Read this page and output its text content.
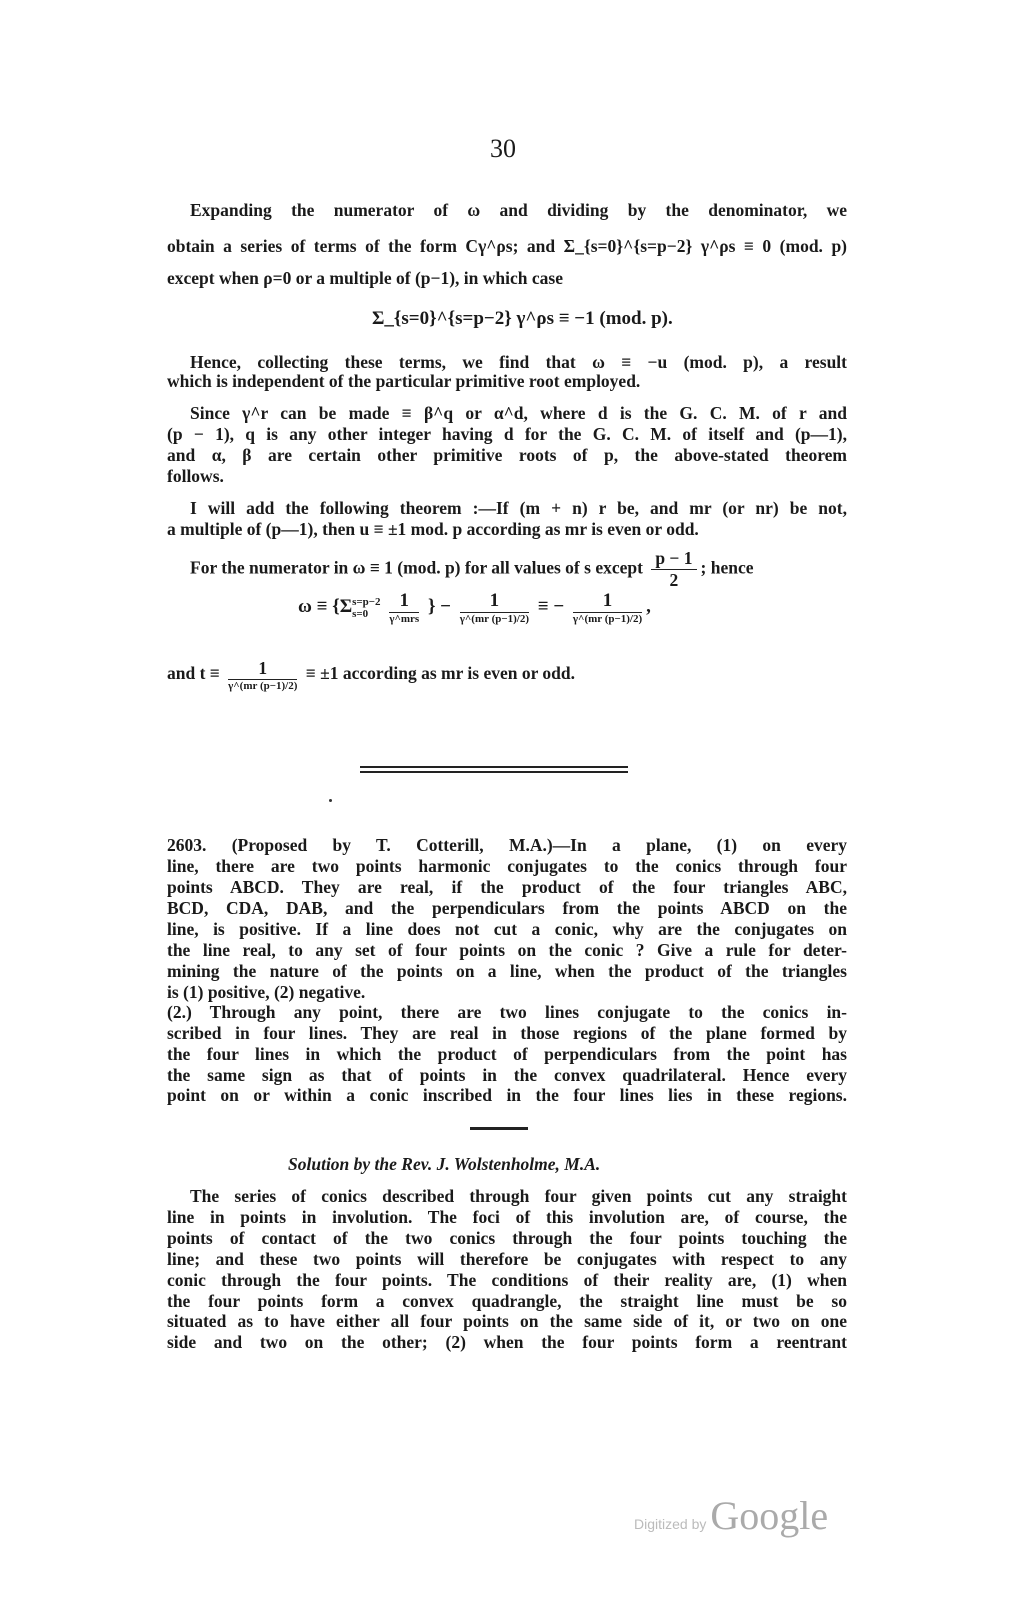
30
Expanding the numerator of ω and dividing by the denominator, we
obtain a series of terms of the form Cγ^ρs; and Σ_{s=0}^{s=p−2} γ^ρs ≡ 0 (mod. p)
except when ρ=0 or a multiple of (p−1), in which case
Σ_{s=0}^{s=p−2} γ^ρs ≡ −1 (mod. p).
Hence, collecting these terms, we find that ω ≡ −u (mod. p), a result
which is independent of the particular primitive root employed.
Since γ^r can be made ≡ β^q or α^d, where d is the G. C. M. of r and
(p − 1), q is any other integer having d for the G. C. M. of itself and (p—1),
and α, β are certain other primitive roots of p, the above-stated theorem
follows.
I will add the following theorem :—If (m + n) r be, and mr (or nr) be not,
a multiple of (p—1), then u ≡ ±1 mod. p according as mr is even or odd.
For the numerator in ω ≡ 1 (mod. p) for all values of s except $\frac{p - 1}{2}$ ; hence
ω ≡ {Σ s=p−2
s=0
	$\frac{1}{\text{γ\textasciicircum{}mrs}}$ } − $\frac{1}{\gamma\^{}(mr (p-1)/2)}$ ≡ − $\frac{1}{\gamma\^{}(mr (p-1)/2)}$ ,
and $t \equiv \frac{1}{\gamma\^{}(mr (p-1)/2)} \equiv \pm 1$ according as mr is even or odd.
2603. (Proposed by T. Cotterill, M.A.)—In a plane, (1) on every
line, there are two points harmonic conjugates to the conics through four
points ABCD. They are real, if the product of the four triangles ABC,
BCD, CDA, DAB, and the perpendiculars from the points ABCD on the
line, is positive. If a line does not cut a conic, why are the conjugates on
the line real, to any set of four points on the conic ? Give a rule for deter-
mining the nature of the points on a line, when the product of the triangles
is (1) positive, (2) negative.
(2.) Through any point, there are two lines conjugate to the conics in-
scribed in four lines. They are real in those regions of the plane formed by
the four lines in which the product of perpendiculars from the point has
the same sign as that of points in the convex quadrilateral. Hence every
point on or within a conic inscribed in the four lines lies in these regions.
Solution by the Rev. J. Wolstenholme, M.A.
The series of conics described through four given points cut any straight
line in points in involution. The foci of this involution are, of course, the
points of contact of the two conics through the four points touching the
line; and these two points will therefore be conjugates with respect to any
conic through the four points. The conditions of their reality are, (1) when
the four points form a convex quadrangle, the straight line must be so
situated as to have either all four points on the same side of it, or two on one
side and two on the other; (2) when the four points form a reentrant
Digitized by Google
